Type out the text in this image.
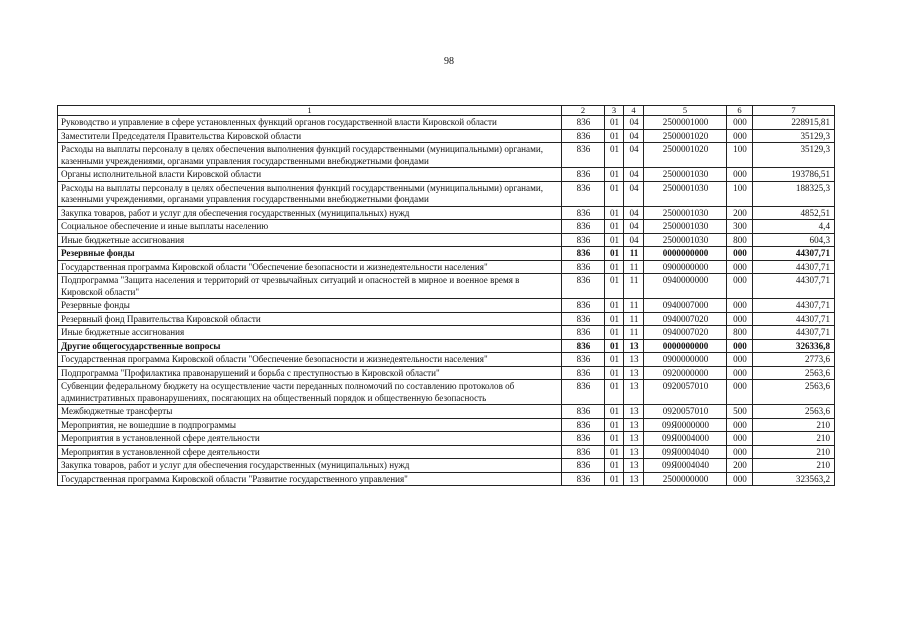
98
1	2	3	4	5	6	7
Руководство и управление в сфере установленных функций органов государственной власти Кировской области	836	01	04	2500001000	000	228915,81
Заместители Председателя Правительства Кировской области	836	01	04	2500001020	000	35129,3
Расходы на выплаты персоналу в целях обеспечения выполнения функций государственными (муниципальными) органами, казенными учреждениями, органами управления государственными внебюджетными фондами	836	01	04	2500001020	100	35129,3
Органы исполнительной власти Кировской области	836	01	04	2500001030	000	193786,51
Расходы на выплаты персоналу в целях обеспечения выполнения функций государственными (муниципальными) органами, казенными учреждениями, органами управления государственными внебюджетными фондами	836	01	04	2500001030	100	188325,3
Закупка товаров, работ и услуг для обеспечения государственных (муниципальных) нужд	836	01	04	2500001030	200	4852,51
Социальное обеспечение и иные выплаты населению	836	01	04	2500001030	300	4,4
Иные бюджетные ассигнования	836	01	04	2500001030	800	604,3
Резервные фонды	836	01	11	0000000000	000	44307,71
Государственная программа Кировской области "Обеспечение безопасности и жизнедеятельности населения"	836	01	11	0900000000	000	44307,71
Подпрограмма "Защита населения и территорий от чрезвычайных ситуаций и опасностей в мирное и военное время в Кировской области"	836	01	11	0940000000	000	44307,71
Резервные фонды	836	01	11	0940007000	000	44307,71
Резервный фонд Правительства Кировской области	836	01	11	0940007020	000	44307,71
Иные бюджетные ассигнования	836	01	11	0940007020	800	44307,71
Другие общегосударственные вопросы	836	01	13	0000000000	000	326336,8
Государственная программа Кировской области "Обеспечение безопасности и жизнедеятельности населения"	836	01	13	0900000000	000	2773,6
Подпрограмма "Профилактика правонарушений и борьба с преступностью в Кировской области"	836	01	13	0920000000	000	2563,6
Субвенции федеральному бюджету на осуществление части переданных полномочий по составлению протоколов об административных правонарушениях, посягающих на общественный порядок и общественную безопасность	836	01	13	0920057010	000	2563,6
Межбюджетные трансферты	836	01	13	0920057010	500	2563,6
Мероприятия, не вошедшие в подпрограммы	836	01	13	09Я0000000	000	210
Мероприятия в установленной сфере деятельности	836	01	13	09Я0004000	000	210
Мероприятия в установленной сфере деятельности	836	01	13	09Я0004040	000	210
Закупка товаров, работ и услуг для обеспечения государственных (муниципальных) нужд	836	01	13	09Я0004040	200	210
Государственная программа Кировской области "Развитие государственного управления"	836	01	13	2500000000	000	323563,2
